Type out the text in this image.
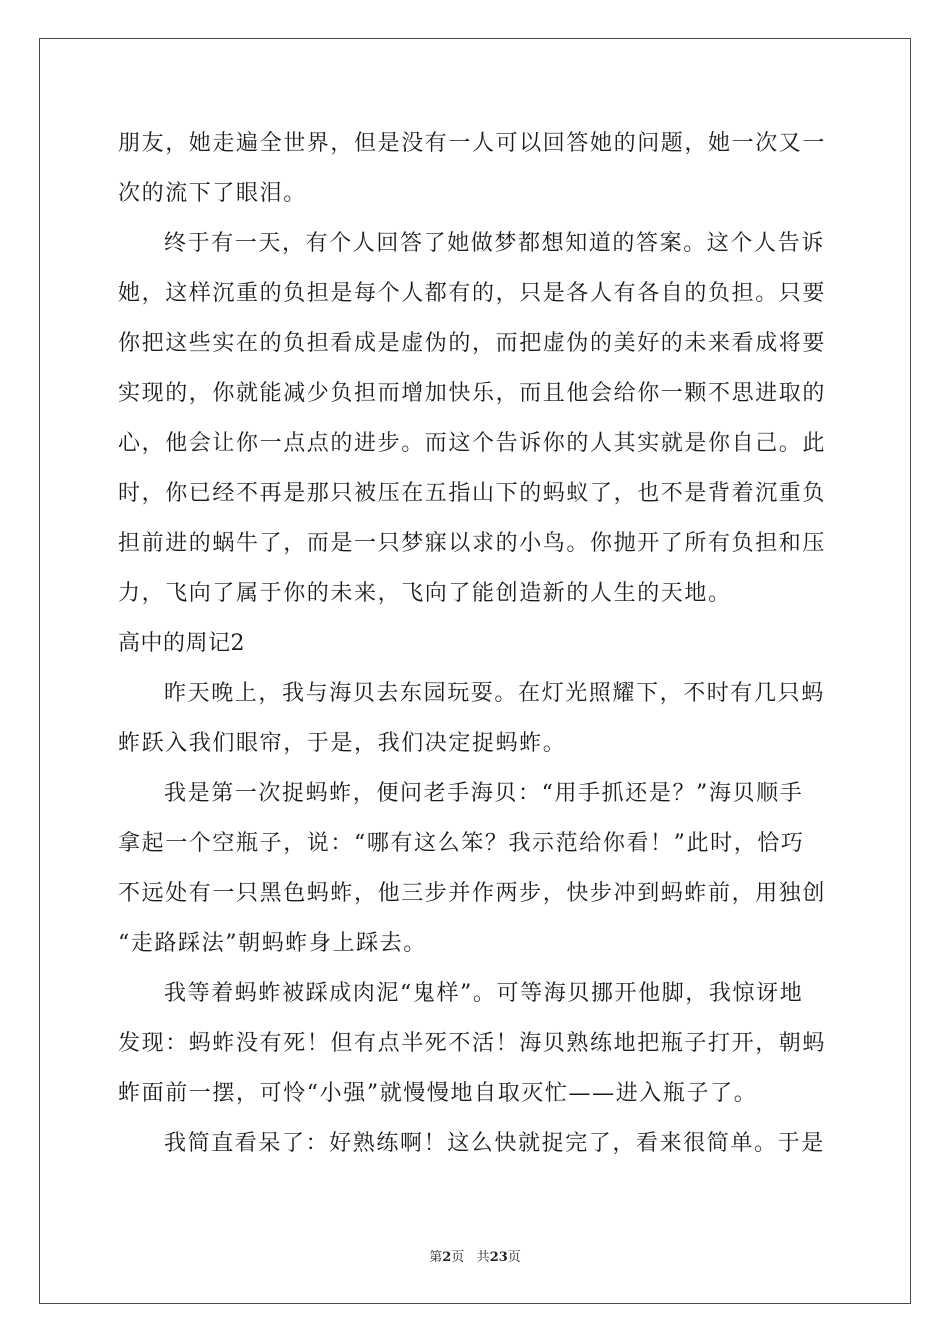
朋友，她走遍全世界，但是没有一人可以回答她的问题，她一次又一
次的流下了眼泪。
终于有一天，有个人回答了她做梦都想知道的答案。这个人告诉
她，这样沉重的负担是每个人都有的，只是各人有各自的负担。只要
你把这些实在的负担看成是虚伪的，而把虚伪的美好的未来看成将要
实现的，你就能减少负担而增加快乐，而且他会给你一颗不思进取的
心，他会让你一点点的进步。而这个告诉你的人其实就是你自己。此
时，你已经不再是那只被压在五指山下的蚂蚁了，也不是背着沉重负
担前进的蜗牛了，而是一只梦寐以求的小鸟。你抛开了所有负担和压
力，飞向了属于你的未来，飞向了能创造新的人生的天地。
高中的周记2
昨天晚上，我与海贝去东园玩耍。在灯光照耀下，不时有几只蚂
蚱跃入我们眼帘，于是，我们决定捉蚂蚱。
我是第一次捉蚂蚱，便问老手海贝：“用手抓还是？”海贝顺手
拿起一个空瓶子，说：“哪有这么笨？我示范给你看！”此时，恰巧
不远处有一只黑色蚂蚱，他三步并作两步，快步冲到蚂蚱前，用独创
“走路踩法”朝蚂蚱身上踩去。
我等着蚂蚱被踩成肉泥“鬼样”。可等海贝挪开他脚，我惊讶地
发现：蚂蚱没有死！但有点半死不活！海贝熟练地把瓶子打开，朝蚂
蚱面前一摆，可怜“小强”就慢慢地自取灭忙——进入瓶子了。
我简直看呆了：好熟练啊！这么快就捉完了，看来很简单。于是
第2页 共23页
